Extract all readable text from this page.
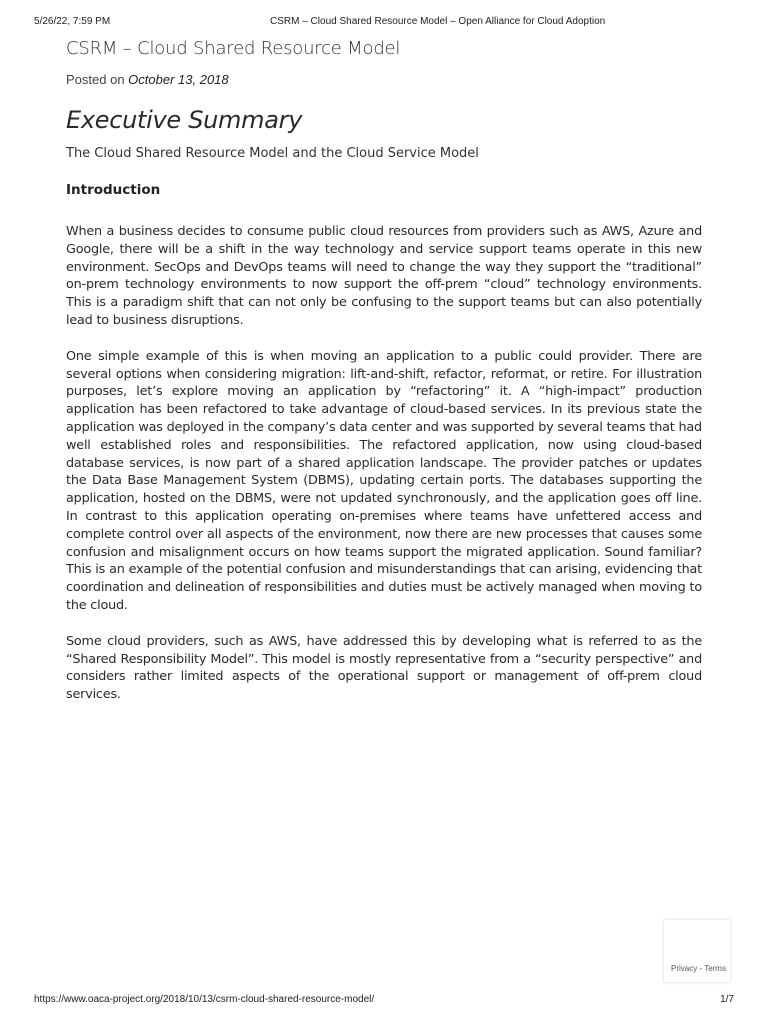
5/26/22, 7:59 PM	CSRM – Cloud Shared Resource Model – Open Alliance for Cloud Adoption
CSRM – Cloud Shared Resource Model
Posted on October 13, 2018
Executive Summary
The Cloud Shared Resource Model and the Cloud Service Model
Introduction

When a business decides to consume public cloud resources from providers such as AWS, Azure and Google, there will be a shift in the way technology and service support teams operate in this new environment. SecOps and DevOps teams will need to change the way they support the “traditional” on-prem technology environments to now support the off-prem “cloud” technology environments. This is a paradigm shift that can not only be confusing to the support teams but can also potentially lead to business disruptions.

One simple example of this is when moving an application to a public could provider. There are several options when considering migration: lift-and-shift, refactor, reformat, or retire. For illustration purposes, let’s explore moving an application by “refactoring” it. A “high-impact” production application has been refactored to take advantage of cloud-based services. In its previous state the application was deployed in the company’s data center and was supported by several teams that had well established roles and responsibilities. The refactored application, now using cloud-based database services, is now part of a shared application landscape. The provider patches or updates the Data Base Management System (DBMS), updating certain ports. The databases supporting the application, hosted on the DBMS, were not updated synchronously, and the application goes off line. In contrast to this application operating on-premises where teams have unfettered access and complete control over all aspects of the environment, now there are new processes that causes some confusion and misalignment occurs on how teams support the migrated application. Sound familiar? This is an example of the potential confusion and misunderstandings that can arising, evidencing that coordination and delineation of responsibilities and duties must be actively managed when moving to the cloud.

Some cloud providers, such as AWS, have addressed this by developing what is referred to as the “Shared Responsibility Model”. This model is mostly representative from a “security perspective” and considers rather limited aspects of the operational support or management of off-prem cloud services.

Privacy - Terms
https://www.oaca-project.org/2018/10/13/csrm-cloud-shared-resource-model/	1/7
